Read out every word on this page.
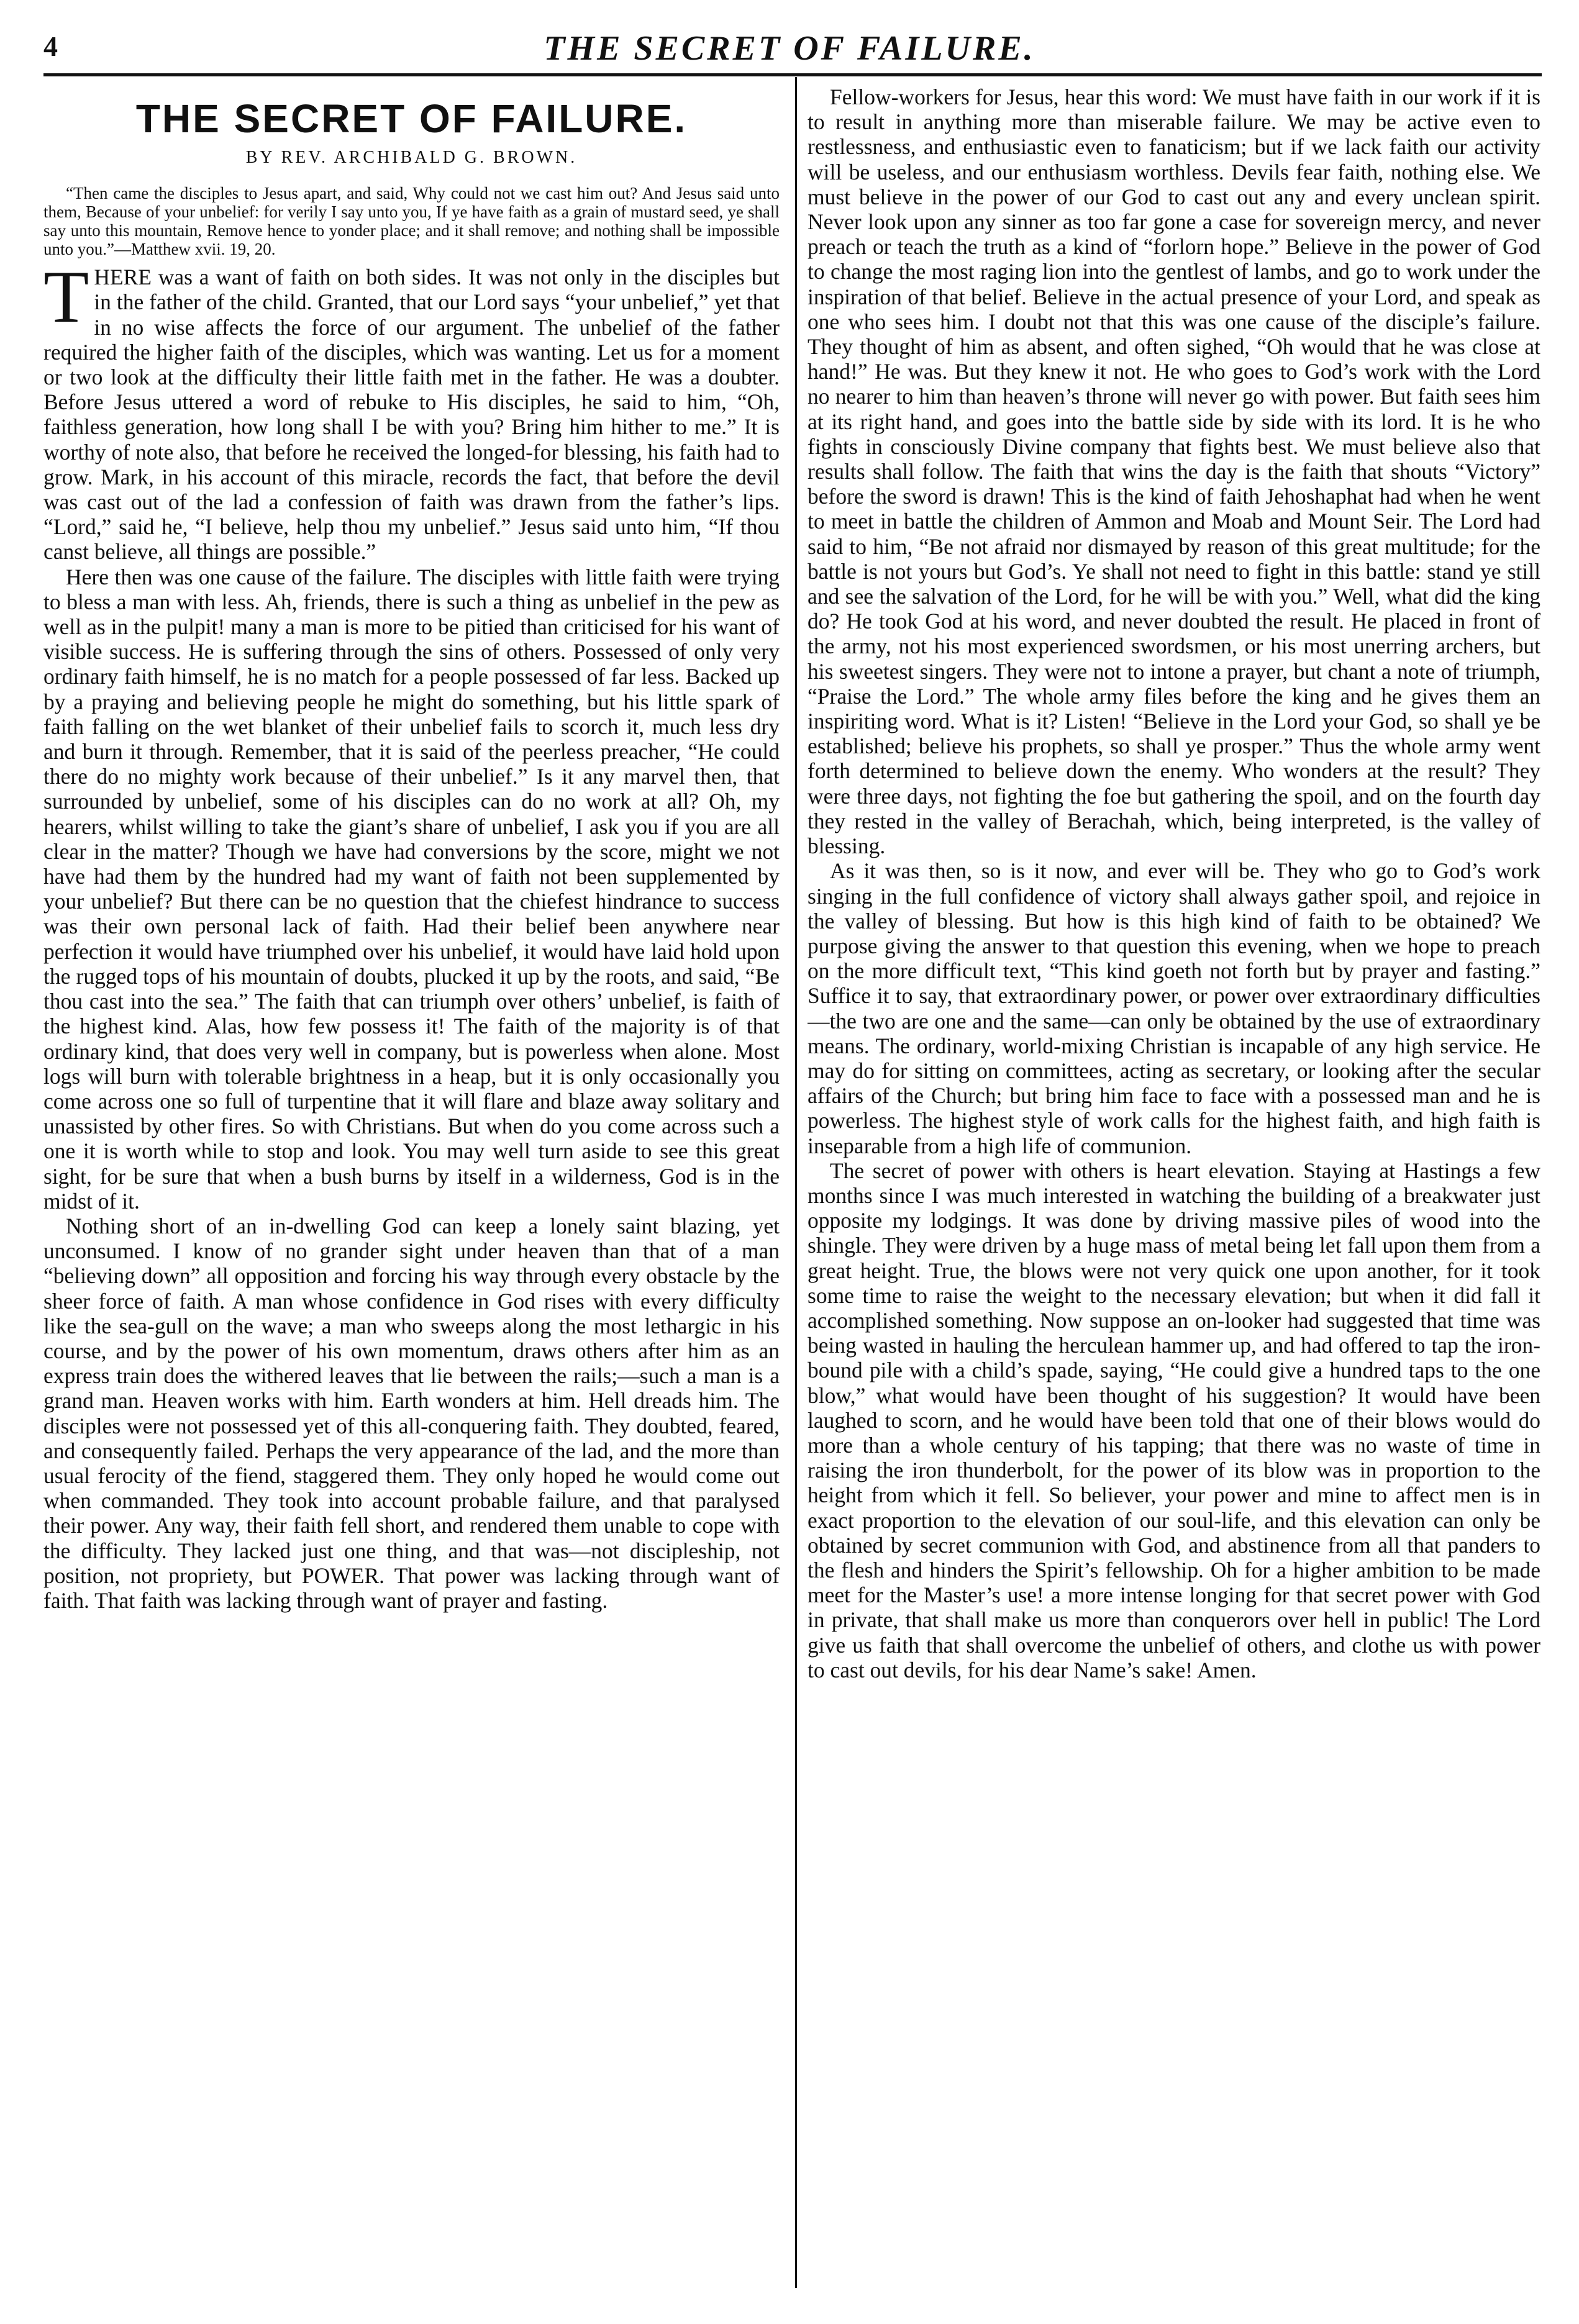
4	THE SECRET OF FAILURE.
THE SECRET OF FAILURE.
BY REV. ARCHIBALD G. BROWN.

“Then came the disciples to Jesus apart, and said, Why could not we cast him out? And Jesus said unto them, Because of your unbelief: for verily I say unto you, If ye have faith as a grain of mustard seed, ye shall say unto this mountain, Remove hence to yonder place; and it shall remove; and nothing shall be impossible unto you.”—Matthew xvii. 19, 20.

THERE was a want of faith on both sides. It was not only in the disciples but in the father of the child. Granted, that our Lord says “your unbelief,” yet that in no wise affects the force of our argument. The unbelief of the father required the higher faith of the disciples, which was wanting. Let us for a moment or two look at the difficulty their little faith met in the father. He was a doubter. Before Jesus uttered a word of rebuke to His disciples, he said to him, “Oh, faithless generation, how long shall I be with you? Bring him hither to me.” It is worthy of note also, that before he received the longed-for blessing, his faith had to grow. Mark, in his account of this miracle, records the fact, that before the devil was cast out of the lad a confession of faith was drawn from the father’s lips. “Lord,” said he, “I believe, help thou my unbelief.” Jesus said unto him, “If thou canst believe, all things are possible.”

Here then was one cause of the failure. The disciples with little faith were trying to bless a man with less. Ah, friends, there is such a thing as unbelief in the pew as well as in the pulpit! many a man is more to be pitied than criticised for his want of visible success. He is suffering through the sins of others. Possessed of only very ordinary faith himself, he is no match for a people possessed of far less. Backed up by a praying and believing people he might do something, but his little spark of faith falling on the wet blanket of their unbelief fails to scorch it, much less dry and burn it through. Remember, that it is said of the peerless preacher, “He could there do no mighty work because of their unbelief.” Is it any marvel then, that surrounded by unbelief, some of his disciples can do no work at all? Oh, my hearers, whilst willing to take the giant’s share of unbelief, I ask you if you are all clear in the matter? Though we have had conversions by the score, might we not have had them by the hundred had my want of faith not been supplemented by your unbelief? But there can be no question that the chiefest hindrance to success was their own personal lack of faith. Had their belief been anywhere near perfection it would have triumphed over his unbelief, it would have laid hold upon the rugged tops of his mountain of doubts, plucked it up by the roots, and said, “Be thou cast into the sea.” The faith that can triumph over others’ unbelief, is faith of the highest kind. Alas, how few possess it! The faith of the majority is of that ordinary kind, that does very well in company, but is powerless when alone. Most logs will burn with tolerable brightness in a heap, but it is only occasionally you come across one so full of turpentine that it will flare and blaze away solitary and unassisted by other fires. So with Christians. But when do you come across such a one it is worth while to stop and look. You may well turn aside to see this great sight, for be sure that when a bush burns by itself in a wilderness, God is in the midst of it.

Nothing short of an in-dwelling God can keep a lonely saint blazing, yet unconsumed. I know of no grander sight under heaven than that of a man “believing down” all opposition and forcing his way through every obstacle by the sheer force of faith. A man whose confidence in God rises with every difficulty like the sea-gull on the wave; a man who sweeps along the most lethargic in his course, and by the power of his own momentum, draws others after him as an express train does the withered leaves that lie between the rails;—such a man is a grand man. Heaven works with him. Earth wonders at him. Hell dreads him. The disciples were not possessed yet of this all-conquering faith. They doubted, feared, and consequently failed. Perhaps the very appearance of the lad, and the more than usual ferocity of the fiend, staggered them. They only hoped he would come out when commanded. They took into account probable failure, and that paralysed their power. Any way, their faith fell short, and rendered them unable to cope with the difficulty. They lacked just one thing, and that was—not discipleship, not position, not propriety, but POWER. That power was lacking through want of faith. That faith was lacking through want of prayer and fasting.

Fellow-workers for Jesus, hear this word: We must have faith in our work if it is to result in anything more than miserable failure. We may be active even to restlessness, and enthusiastic even to fanaticism; but if we lack faith our activity will be useless, and our enthusiasm worthless. Devils fear faith, nothing else. We must believe in the power of our God to cast out any and every unclean spirit. Never look upon any sinner as too far gone a case for sovereign mercy, and never preach or teach the truth as a kind of “forlorn hope.” Believe in the power of God to change the most raging lion into the gentlest of lambs, and go to work under the inspiration of that belief. Believe in the actual presence of your Lord, and speak as one who sees him. I doubt not that this was one cause of the disciple’s failure. They thought of him as absent, and often sighed, “Oh would that he was close at hand!” He was. But they knew it not. He who goes to God’s work with the Lord no nearer to him than heaven’s throne will never go with power. But faith sees him at its right hand, and goes into the battle side by side with its lord. It is he who fights in consciously Divine company that fights best. We must believe also that results shall follow. The faith that wins the day is the faith that shouts “Victory” before the sword is drawn! This is the kind of faith Jehoshaphat had when he went to meet in battle the children of Ammon and Moab and Mount Seir. The Lord had said to him, “Be not afraid nor dismayed by reason of this great multitude; for the battle is not yours but God’s. Ye shall not need to fight in this battle: stand ye still and see the salvation of the Lord, for he will be with you.” Well, what did the king do? He took God at his word, and never doubted the result. He placed in front of the army, not his most experienced swordsmen, or his most unerring archers, but his sweetest singers. They were not to intone a prayer, but chant a note of triumph, “Praise the Lord.” The whole army files before the king and he gives them an inspiriting word. What is it? Listen! “Believe in the Lord your God, so shall ye be established; believe his prophets, so shall ye prosper.” Thus the whole army went forth determined to believe down the enemy. Who wonders at the result? They were three days, not fighting the foe but gathering the spoil, and on the fourth day they rested in the valley of Berachah, which, being interpreted, is the valley of blessing.

As it was then, so is it now, and ever will be. They who go to God’s work singing in the full confidence of victory shall always gather spoil, and rejoice in the valley of blessing. But how is this high kind of faith to be obtained? We purpose giving the answer to that question this evening, when we hope to preach on the more difficult text, “This kind goeth not forth but by prayer and fasting.” Suffice it to say, that extraordinary power, or power over extraordinary difficulties—the two are one and the same—can only be obtained by the use of extraordinary means. The ordinary, world-mixing Christian is incapable of any high service. He may do for sitting on committees, acting as secretary, or looking after the secular affairs of the Church; but bring him face to face with a possessed man and he is powerless. The highest style of work calls for the highest faith, and high faith is inseparable from a high life of communion.

The secret of power with others is heart elevation. Staying at Hastings a few months since I was much interested in watching the building of a breakwater just opposite my lodgings. It was done by driving massive piles of wood into the shingle. They were driven by a huge mass of metal being let fall upon them from a great height. True, the blows were not very quick one upon another, for it took some time to raise the weight to the necessary elevation; but when it did fall it accomplished something. Now suppose an on-looker had suggested that time was being wasted in hauling the herculean hammer up, and had offered to tap the iron-bound pile with a child’s spade, saying, “He could give a hundred taps to the one blow,” what would have been thought of his suggestion? It would have been laughed to scorn, and he would have been told that one of their blows would do more than a whole century of his tapping; that there was no waste of time in raising the iron thunderbolt, for the power of its blow was in proportion to the height from which it fell. So believer, your power and mine to affect men is in exact proportion to the elevation of our soul-life, and this elevation can only be obtained by secret communion with God, and abstinence from all that panders to the flesh and hinders the Spirit’s fellowship. Oh for a higher ambition to be made meet for the Master’s use! a more intense longing for that secret power with God in private, that shall make us more than conquerors over hell in public! The Lord give us faith that shall overcome the unbelief of others, and clothe us with power to cast out devils, for his dear Name’s sake! Amen.
